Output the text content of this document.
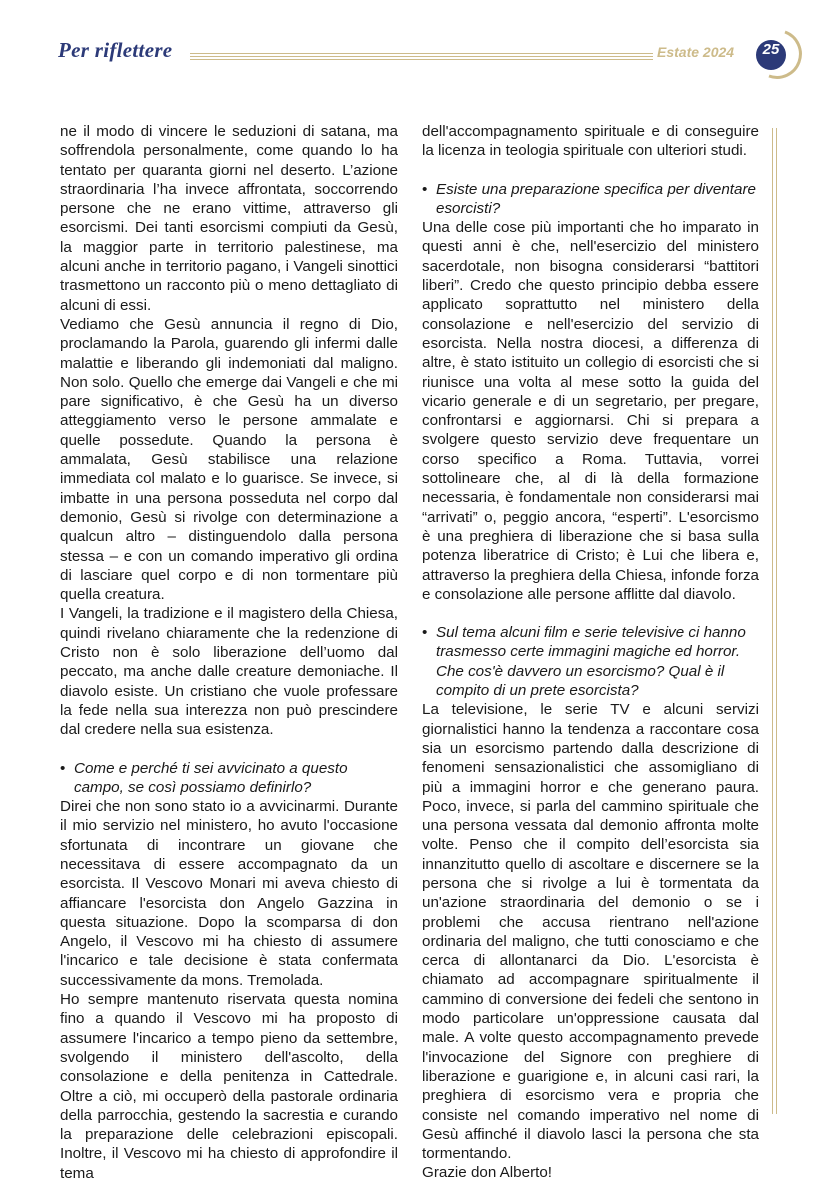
Per riflettere	Estate 2024	25

ne il modo di vincere le seduzioni di satana, ma soffrendola personalmente, come quando lo ha tentato per quaranta giorni nel deserto. L’azione straordinaria l’ha invece affrontata, soccorrendo persone che ne erano vittime, attraverso gli esorcismi. Dei tanti esorcismi compiuti da Gesù, la maggior parte in territorio palestinese, ma alcuni anche in territorio pagano, i Vangeli sinottici trasmettono un racconto più o meno dettagliato di alcuni di essi.

Vediamo che Gesù annuncia il regno di Dio, proclamando la Parola, guarendo gli infermi dalle malattie e liberando gli indemoniati dal maligno. Non solo. Quello che emerge dai Vangeli e che mi pare significativo, è che Gesù ha un diverso atteggiamento verso le persone ammalate e quelle possedute. Quando la persona è ammalata, Gesù stabilisce una relazione immediata col malato e lo guarisce. Se invece, si imbatte in una persona posseduta nel corpo dal demonio, Gesù si rivolge con determinazione a qualcun altro – distinguendolo dalla persona stessa – e con un comando imperativo gli ordina di lasciare quel corpo e di non tormentare più quella creatura.

I Vangeli, la tradizione e il magistero della Chiesa, quindi rivelano chiaramente che la redenzione di Cristo non è solo liberazione dell’uomo dal peccato, ma anche dalle creature demoniache. Il diavolo esiste. Un cristiano che vuole professare la fede nella sua interezza non può prescindere dal credere nella sua esistenza.

• Come e perché ti sei avvicinato a questo campo, se così possiamo definirlo?

Direi che non sono stato io a avvicinarmi. Durante il mio servizio nel ministero, ho avuto l'occasione sfortunata di incontrare un giovane che necessitava di essere accompagnato da un esorcista. Il Vescovo Monari mi aveva chiesto di affiancare l'esorcista don Angelo Gazzina in questa situazione. Dopo la scomparsa di don Angelo, il Vescovo mi ha chiesto di assumere l'incarico e tale decisione è stata confermata successivamente da mons. Tremolada.

Ho sempre mantenuto riservata questa nomina fino a quando il Vescovo mi ha proposto di assumere l'incarico a tempo pieno da settembre, svolgendo il ministero dell'ascolto, della consolazione e della penitenza in Cattedrale. Oltre a ciò, mi occuperò della pastorale ordinaria della parrocchia, gestendo la sacrestia e curando la preparazione delle celebrazioni episcopali. Inoltre, il Vescovo mi ha chiesto di approfondire il tema

dell'accompagnamento spirituale e di conseguire la licenza in teologia spirituale con ulteriori studi.

• Esiste una preparazione specifica per diventare esorcisti?

Una delle cose più importanti che ho imparato in questi anni è che, nell'esercizio del ministero sacerdotale, non bisogna considerarsi “battitori liberi”. Credo che questo principio debba essere applicato soprattutto nel ministero della consolazione e nell'esercizio del servizio di esorcista. Nella nostra diocesi, a differenza di altre, è stato istituito un collegio di esorcisti che si riunisce una volta al mese sotto la guida del vicario generale e di un segretario, per pregare, confrontarsi e aggiornarsi. Chi si prepara a svolgere questo servizio deve frequentare un corso specifico a Roma. Tuttavia, vorrei sottolineare che, al di là della formazione necessaria, è fondamentale non considerarsi mai “arrivati” o, peggio ancora, “esperti”. L'esorcismo è una preghiera di liberazione che si basa sulla potenza liberatrice di Cristo; è Lui che libera e, attraverso la preghiera della Chiesa, infonde forza e consolazione alle persone afflitte dal diavolo.

• Sul tema alcuni film e serie televisive ci hanno trasmesso certe immagini magiche ed horror. Che cos'è davvero un esorcismo? Qual è il compito di un prete esorcista?

La televisione, le serie TV e alcuni servizi giornalistici hanno la tendenza a raccontare cosa sia un esorcismo partendo dalla descrizione di fenomeni sensazionalistici che assomigliano di più a immagini horror e che generano paura. Poco, invece, si parla del cammino spirituale che una persona vessata dal demonio affronta molte volte. Penso che il compito dell’esorcista sia innanzitutto quello di ascoltare e discernere se la persona che si rivolge a lui è tormentata da un'azione straordinaria del demonio o se i problemi che accusa rientrano nell'azione ordinaria del maligno, che tutti conosciamo e che cerca di allontanarci da Dio. L'esorcista è chiamato ad accompagnare spiritualmente il cammino di conversione dei fedeli che sentono in modo particolare un'oppressione causata dal male. A volte questo accompagnamento prevede l'invocazione del Signore con preghiere di liberazione e guarigione e, in alcuni casi rari, la preghiera di esorcismo vera e propria che consiste nel comando imperativo nel nome di Gesù affinché il diavolo lasci la persona che sta tormentando.

Grazie don Alberto!
